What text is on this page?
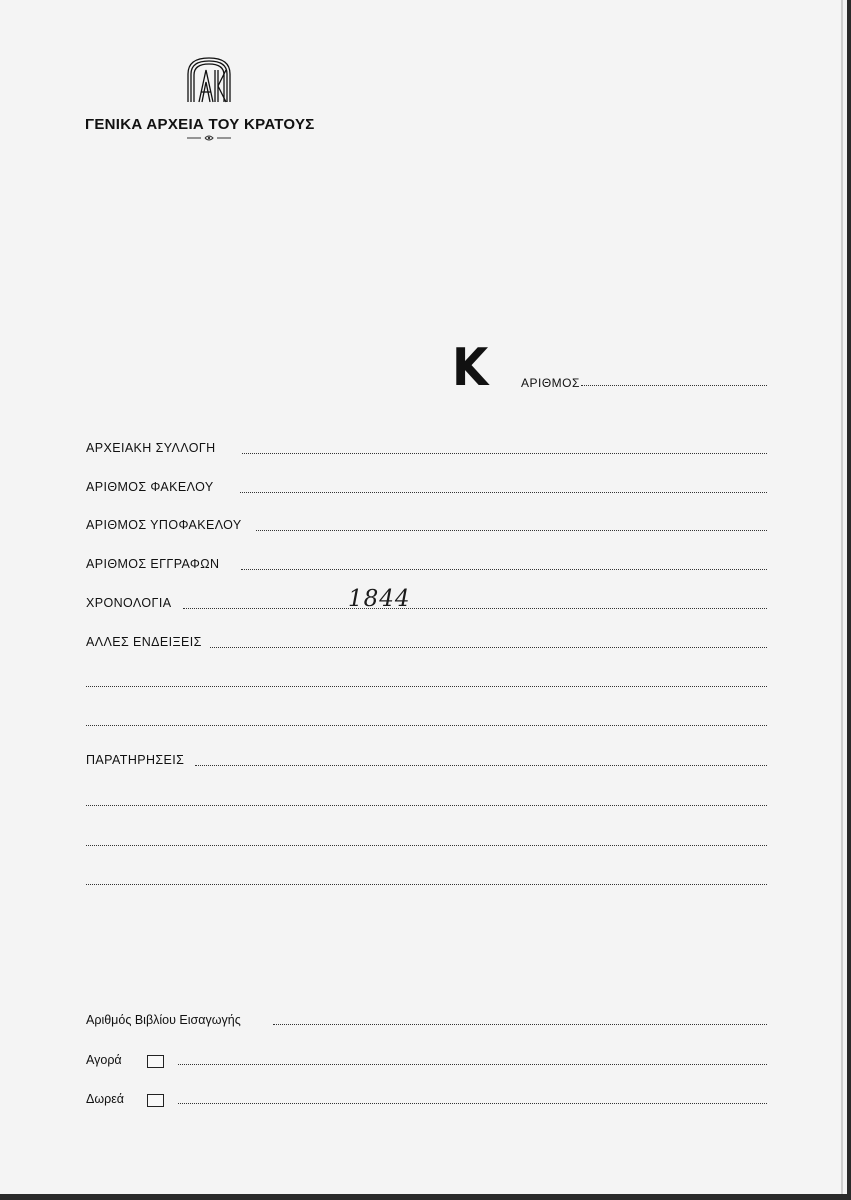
ΓΕΝΙΚΑ ΑΡΧΕΙΑ ΤΟΥ ΚΡΑΤΟΥΣ
K	ΑΡΙΘΜΟΣ
ΑΡΧΕΙΑΚΗ ΣΥΛΛΟΓΗ
ΑΡΙΘΜΟΣ ΦΑΚΕΛΟΥ
ΑΡΙΘΜΟΣ ΥΠΟΦΑΚΕΛΟΥ
ΑΡΙΘΜΟΣ ΕΓΓΡΑΦΩΝ
ΧΡΟΝΟΛΟΓΙΑ	1844
ΑΛΛΕΣ ΕΝΔΕΙΞΕΙΣ
ΠΑΡΑΤΗΡΗΣΕΙΣ
Αριθμός Βιβλίου Εισαγωγής
Αγορά
Δωρεά
